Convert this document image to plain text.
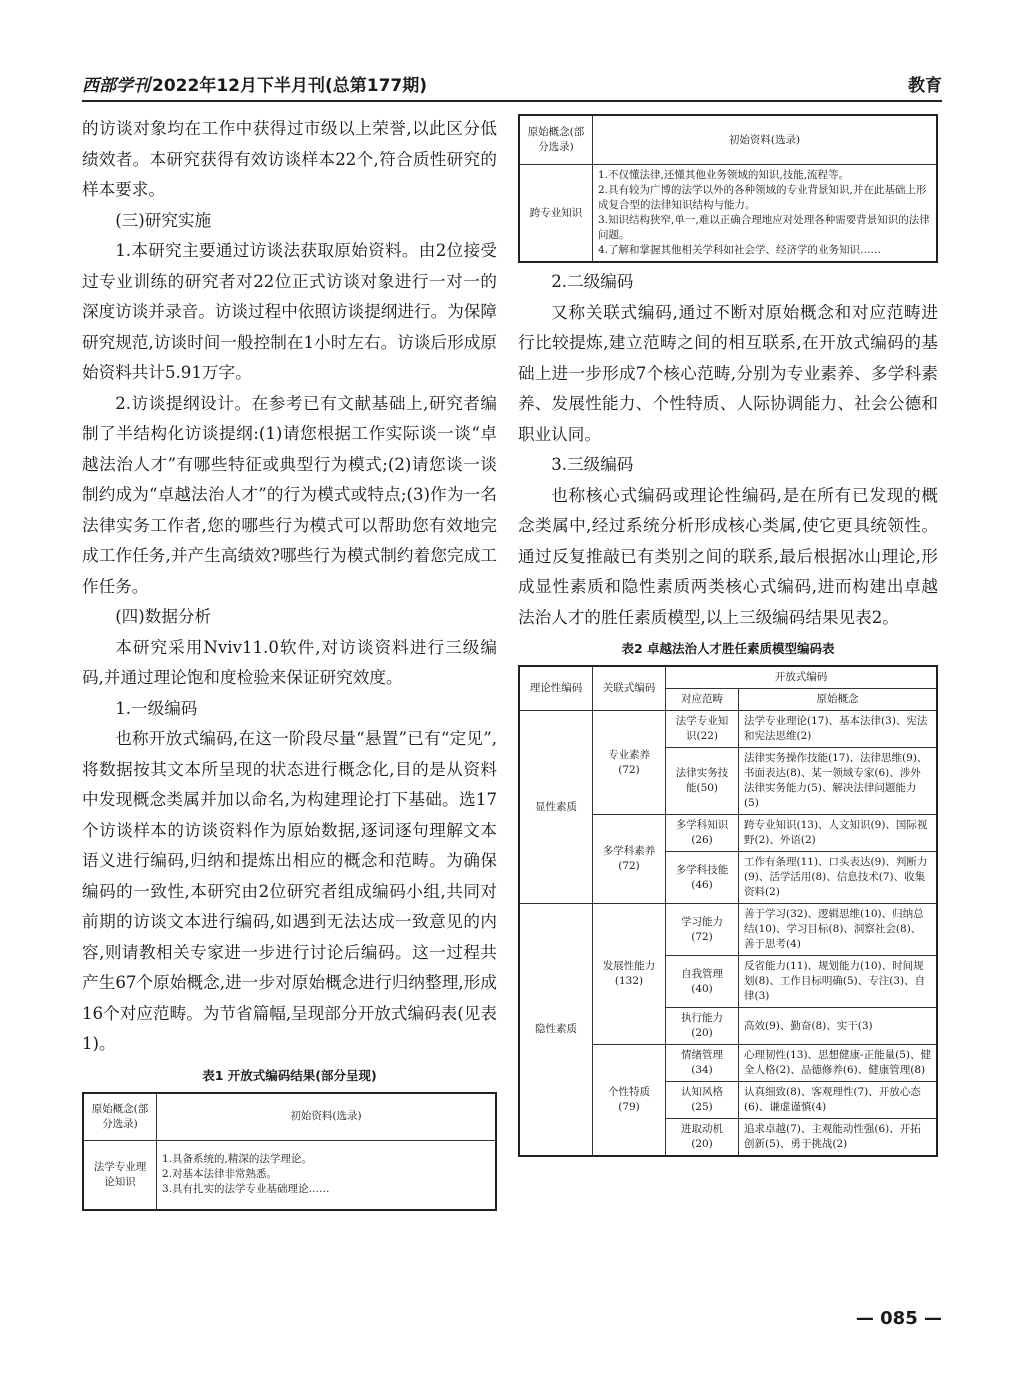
西部学刊 2022年12月下半月刊(总第177期)	教育

的访谈对象均在工作中获得过市级以上荣誉,以此区分低绩效者。本研究获得有效访谈样本22个,符合质性研究的样本要求。

(三)研究实施

1.本研究主要通过访谈法获取原始资料。由2位接受过专业训练的研究者对22位正式访谈对象进行一对一的深度访谈并录音。访谈过程中依照访谈提纲进行。为保障研究规范,访谈时间一般控制在1小时左右。访谈后形成原始资料共计5.91万字。

2.访谈提纲设计。在参考已有文献基础上,研究者编制了半结构化访谈提纲:(1)请您根据工作实际谈一谈“卓越法治人才”有哪些特征或典型行为模式;(2)请您谈一谈制约成为“卓越法治人才”的行为模式或特点;(3)作为一名法律实务工作者,您的哪些行为模式可以帮助您有效地完成工作任务,并产生高绩效?哪些行为模式制约着您完成工作任务。

(四)数据分析

本研究采用Nviv11.0软件,对访谈资料进行三级编码,并通过理论饱和度检验来保证研究效度。

1.一级编码

也称开放式编码,在这一阶段尽量“悬置”已有“定见”,将数据按其文本所呈现的状态进行概念化,目的是从资料中发现概念类属并加以命名,为构建理论打下基础。选17个访谈样本的访谈资料作为原始数据,逐词逐句理解文本语义进行编码,归纳和提炼出相应的概念和范畴。为确保编码的一致性,本研究由2位研究者组成编码小组,共同对前期的访谈文本进行编码,如遇到无法达成一致意见的内容,则请教相关专家进一步进行讨论后编码。这一过程共产生67个原始概念,进一步对原始概念进行归纳整理,形成16个对应范畴。为节省篇幅,呈现部分开放式编码表(见表1)。

表1 开放式编码结果(部分呈现)
原始概念(部分选录)	初始资料(选录)
法学专业理论知识	1.具备系统的,精深的法学理论。
2.对基本法律非常熟悉。
3.具有扎实的法学专业基础理论……
原始概念(部分选录)	初始资料(选录)
跨专业知识	1.不仅懂法律,还懂其他业务领域的知识,技能,流程等。
2.具有较为广博的法学以外的各种领域的专业背景知识,并在此基础上形成复合型的法律知识结构与能力。
3.知识结构狭窄,单一,难以正确合理地应对处理各种需要背景知识的法律问题。
4.了解和掌握其他相关学科如社会学、经济学的业务知识……

2.二级编码

又称关联式编码,通过不断对原始概念和对应范畴进行比较提炼,建立范畴之间的相互联系,在开放式编码的基础上进一步形成7个核心范畴,分别为专业素养、多学科素养、发展性能力、个性特质、人际协调能力、社会公德和职业认同。

3.三级编码

也称核心式编码或理论性编码,是在所有已发现的概念类属中,经过系统分析形成核心类属,使它更具统领性。通过反复推敲已有类别之间的联系,最后根据冰山理论,形成显性素质和隐性素质两类核心式编码,进而构建出卓越法治人才的胜任素质模型,以上三级编码结果见表2。

表2 卓越法治人才胜任素质模型编码表
理论性编码	关联式编码	开放式编码	
		对应范畴	原始概念
显性素质	专业素养(72)	法学专业知识(22)	法学专业理论(17)、基本法律(3)、宪法和宪法思维(2)
		法律实务技能(50)	法律实务操作技能(17)、法律思维(9)、书面表达(8)、某一领域专家(6)、涉外法律实务能力(5)、解决法律问题能力(5)
	多学科素养(72)	多学科知识(26)	跨专业知识(13)、人文知识(9)、国际视野(2)、外语(2)
		多学科技能(46)	工作有条理(11)、口头表达(9)、判断力(9)、活学活用(8)、信息技术(7)、收集资料(2)
隐性素质	发展性能力(132)	学习能力(72)	善于学习(32)、逻辑思维(10)、归纳总结(10)、学习目标(8)、洞察社会(8)、善于思考(4)
		自我管理(40)	反省能力(11)、规划能力(10)、时间规划(8)、工作目标明确(5)、专注(3)、自律(3)
		执行能力(20)	高效(9)、勤奋(8)、实干(3)
	个性特质(79)	情绪管理(34)	心理韧性(13)、思想健康-正能量(5)、健全人格(2)、品德修养(6)、健康管理(8)
		认知风格(25)	认真细致(8)、客观理性(7)、开放心态(6)、谦虚谨慎(4)
		进取动机(20)	追求卓越(7)、主观能动性强(6)、开拓创新(5)、勇于挑战(2)
— 085 —
